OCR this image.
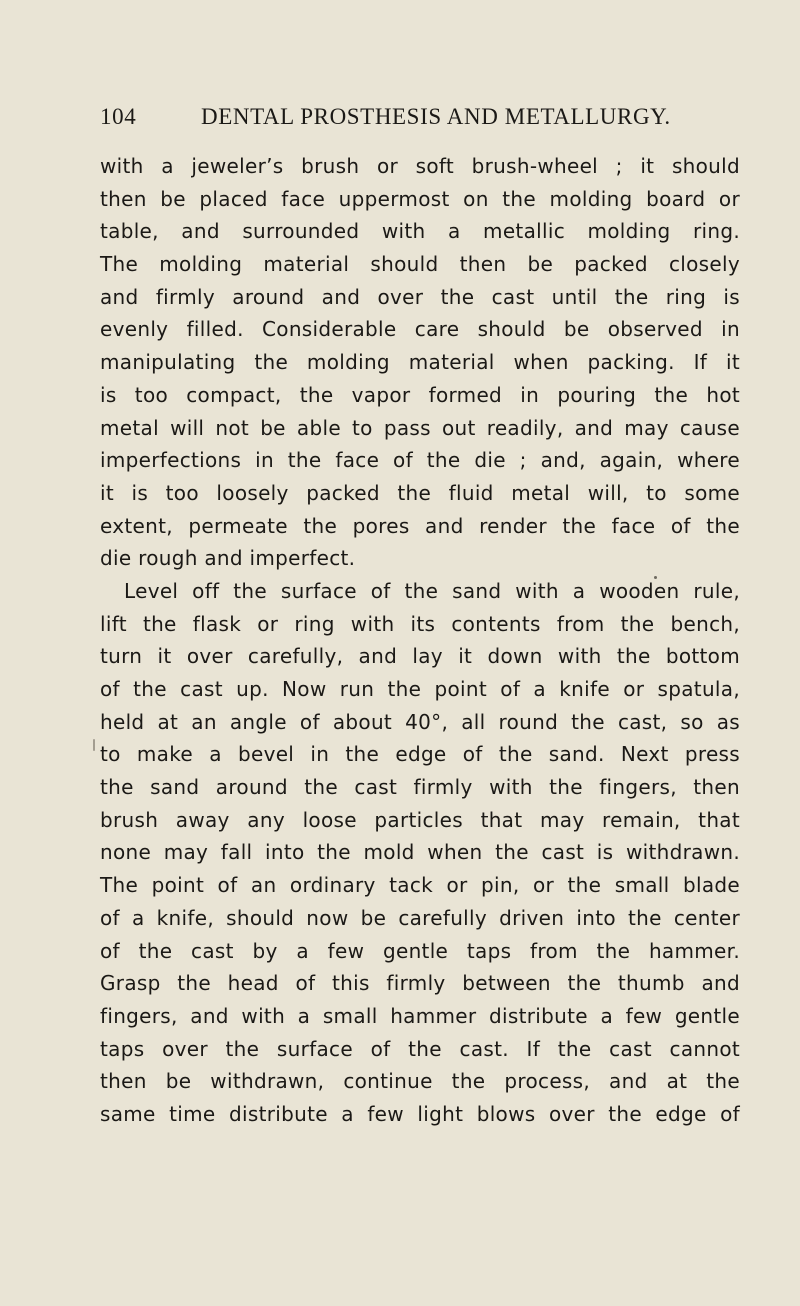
104	DENTAL PROSTHESIS AND METALLURGY.
with a jeweler’s brush or soft brush-wheel ; it should
then be placed face uppermost on the molding board or
table, and surrounded with a metallic molding ring.
The molding material should then be packed closely
and firmly around and over the cast until the ring is
evenly filled. Considerable care should be observed in
manipulating the molding material when packing. If it
is too compact, the vapor formed in pouring the hot
metal will not be able to pass out readily, and may cause
imperfections in the face of the die ; and, again, where
it is too loosely packed the fluid metal will, to some
extent, permeate the pores and render the face of the
die rough and imperfect.
Level off the surface of the sand with a wooden rule,
lift the flask or ring with its contents from the bench,
turn it over carefully, and lay it down with the bottom
of the cast up. Now run the point of a knife or spatula,
held at an angle of about 40°, all round the cast, so as
to make a bevel in the edge of the sand. Next press
the sand around the cast firmly with the fingers, then
brush away any loose particles that may remain, that
none may fall into the mold when the cast is withdrawn.
The point of an ordinary tack or pin, or the small blade
of a knife, should now be carefully driven into the center
of the cast by a few gentle taps from the hammer.
Grasp the head of this firmly between the thumb and
fingers, and with a small hammer distribute a few gentle
taps over the surface of the cast. If the cast cannot
then be withdrawn, continue the process, and at the
same time distribute a few light blows over the edge of
